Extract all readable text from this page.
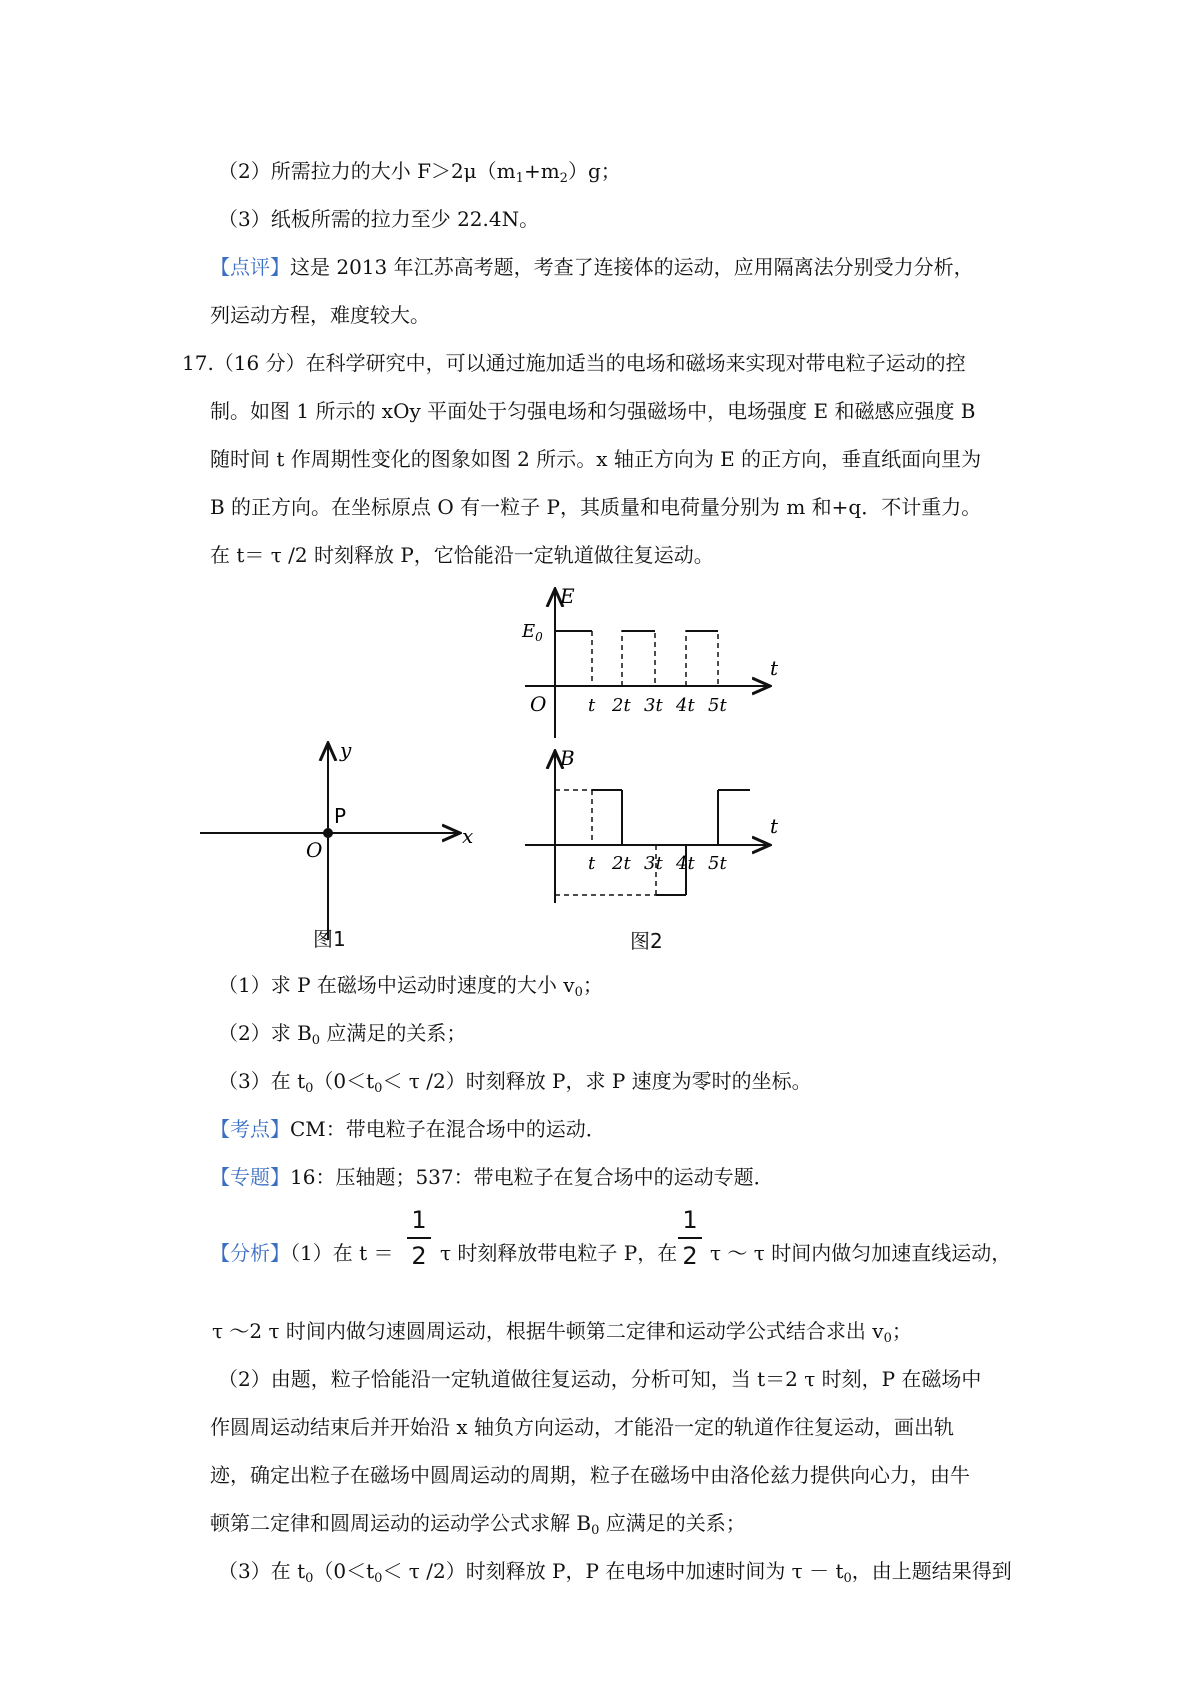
（2）所需拉力的大小 $F>2\mu(m_1+m_2)g$；
（3）纸板所需的拉力至少 22.4N。
【点评】这是 2013 年江苏高考题，考查了连接体的运动，应用隔离法分别受力分析，
列运动方程，难度较大。
17.（16 分）在科学研究中，可以通过施加适当的电场和磁场来实现对带电粒子运动的控
制。如图 1 所示的 xOy 平面处于匀强电场和匀强磁场中，电场强度 E 和磁感应强度 B
随时间 t 作周期性变化的图象如图 2 所示。x 轴正方向为 E 的正方向，垂直纸面向里为
B 的正方向。在坐标原点 O 有一粒子 P，其质量和电荷量分别为 m 和+q．不计重力。
在 t＝ τ /2 时刻释放 P，它恰能沿一定轨道做往复运动。
y
x
O
P
图1
E
$E_0$
O
t
t 2t 3t 4t 5t
B
t
t 2t 3t 4t 5t
图2
（1）求 P 在磁场中运动时速度的大小 $v_0$；
（2）求 $B_0$ 应满足的关系；
（3）在 $t_0(0<t_0< \tau$ /2）时刻释放 P，求 P 速度为零时的坐标。
【考点】CM：带电粒子在混合场中的运动．
【专题】16：压轴题；537：带电粒子在复合场中的运动专题．
【分析】（1）在 t ＝
1
2 τ 时刻释放带电粒子 P，在
1
2 τ ～ τ 时间内做匀加速直线运动，
τ ～2 τ 时间内做匀速圆周运动，根据牛顿第二定律和运动学公式结合求出 $v_0$；
（2）由题，粒子恰能沿一定轨道做往复运动，分析可知，当 t＝2 τ 时刻，P 在磁场中
作圆周运动结束后并开始沿 x 轴负方向运动，才能沿一定的轨道作往复运动，画出轨
迹，确定出粒子在磁场中圆周运动的周期，粒子在磁场中由洛伦兹力提供向心力，由牛
顿第二定律和圆周运动的运动学公式求解 $B_0$ 应满足的关系；
（3）在 $t_0(0<t_0< \tau$ /2）时刻释放 P，P 在电场中加速时间为 $\tau - t_0$，由上题结果得到
